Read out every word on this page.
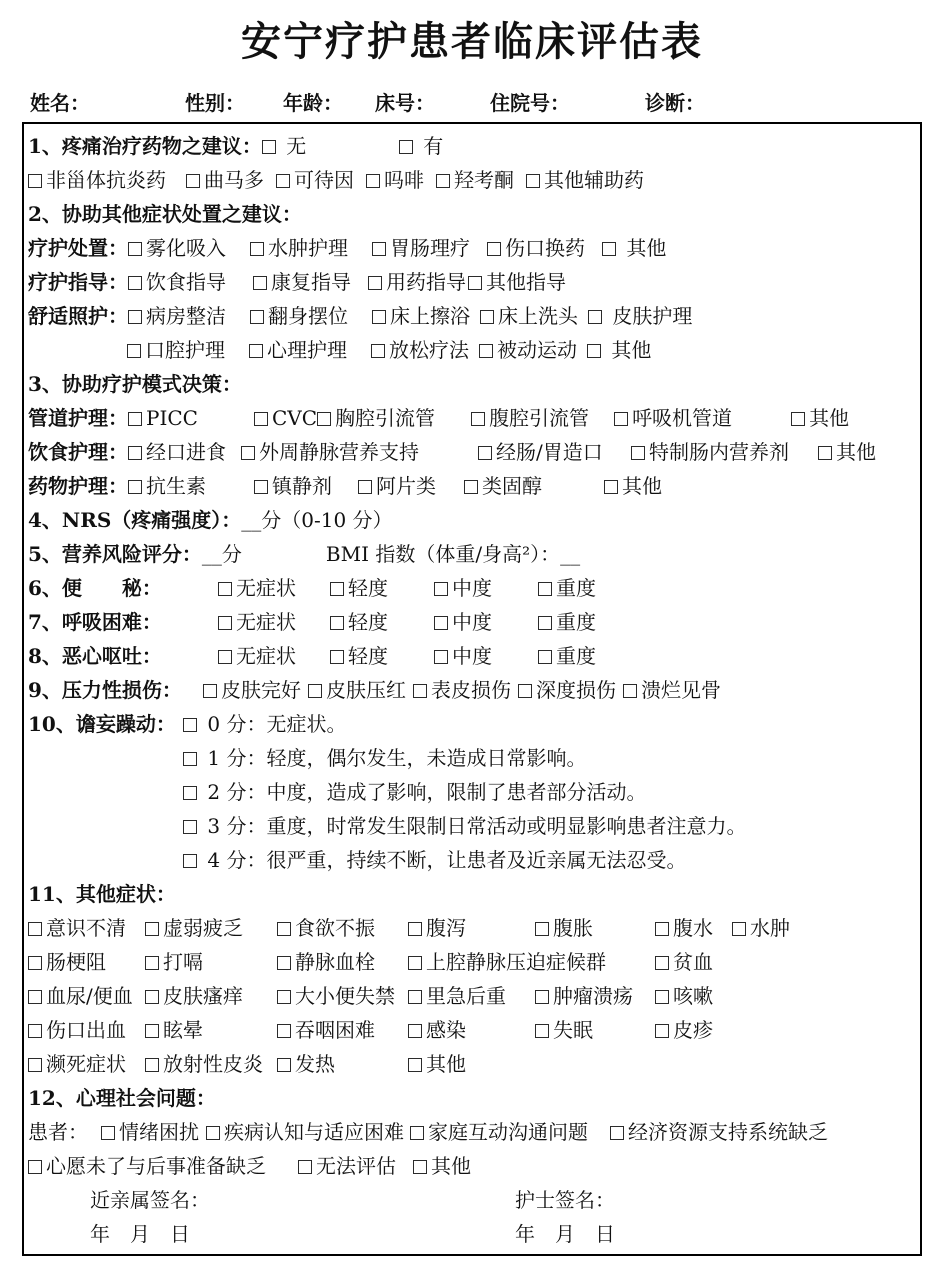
安宁疗护患者临床评估表
姓名：	性别：	年龄：	床号：	住院号：	诊断：
1、疼痛治疗药物之建议： 无	有
非甾体抗炎药 曲马多 可待因 吗啡 羟考酮 其他辅助药
2、协助其他症状处置之建议：
疗护处置： 雾化吸入 水肿护理 胃肠理疗 伤口换药 其他
疗护指导： 饮食指导 康复指导 用药指导 其他指导
舒适照护： 病房整洁 翻身摆位 床上擦浴 床上洗头 皮肤护理
口腔护理 心理护理 放松疗法 被动运动 其他
3、协助疗护模式决策：
管道护理： PICC	CVC 胸腔引流管	腹腔引流管 呼吸机管道	其他
饮食护理： 经口进食 外周静脉营养支持	经肠/胃造口 特制肠内营养剂 其他
药物护理： 抗生素	镇静剂 阿片类 类固醇	其他
4、NRS（疼痛强度）：__分（0-10 分）
5、营养风险评分：__分	BMI 指数（体重/身高²）：__
6、便　　秘：	无症状	轻度	中度	重度
7、呼吸困难：	无症状	轻度	中度	重度
8、恶心呕吐：	无症状	轻度	中度	重度
9、压力性损伤： 皮肤完好 皮肤压红 表皮损伤 深度损伤 溃烂见骨
10、谵妄躁动： 0 分：无症状。
1 分：轻度，偶尔发生，未造成日常影响。
2 分：中度，造成了影响，限制了患者部分活动。
3 分：重度，时常发生限制日常活动或明显影响患者注意力。
4 分：很严重，持续不断，让患者及近亲属无法忍受。
11、其他症状：
意识不清 虚弱疲乏	食欲不振	腹泻	腹胀	腹水 水肿
肠梗阻	打嗝	静脉血栓	上腔静脉压迫症候群	贫血
血尿/便血 皮肤瘙痒	大小便失禁 里急后重 肿瘤溃疡 咳嗽
伤口出血 眩晕	吞咽困难	感染	失眠	皮疹
濒死症状 放射性皮炎 发热	其他
12、心理社会问题：
患者： 情绪困扰 疾病认知与适应困难 家庭互动沟通问题 经济资源支持系统缺乏
心愿未了与后事准备缺乏	无法评估 其他
近亲属签名：	护士签名：
年　月　日	年　月　日
